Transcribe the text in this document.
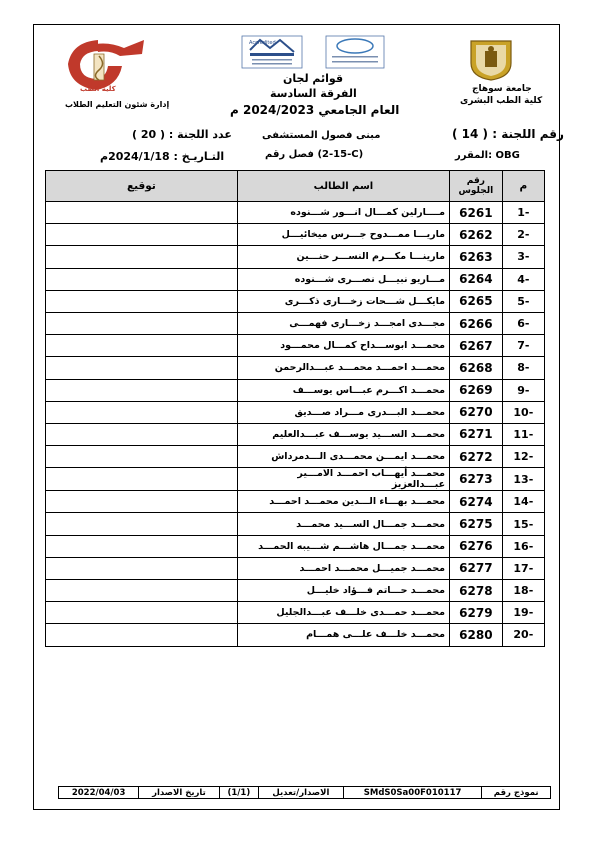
جامعة سوهاج
كلية الطب البشرى
Accredited
قوائم لجان
الفرقة السادسة
العام الجامعي 2024/2023 م
كلية الطب
إدارة شئون التعليم الطلاب
رقم اللجنة : ( 14 )
المقرر: OBG
مبنى فصول المستشفى
فصل رقم (15-2-C)
عدد اللجنة : ( 20 )
التـاريـخ : 2024/1/18م
م	رقم الجلوس	اسم الطالب	توقيع
-1	6261	مــــارلين كمـــال انـــور شـــنوده	
-2	6262	ماريـــا ممـــدوح جـــرس ميخائيـــل	
-3	6263	مارينـــا مكـــرم النســـر حنـــين	
-4	6264	مـــاريو نبيـــل نصـــرى شـــنوده	
-5	6265	مايكـــل شـــحات زخـــارى ذكـــرى	
-6	6266	مجـــدى امجـــد زخـــارى فهمـــى	
-7	6267	محمـــد ابوســـداح كمـــال محمـــود	
-8	6268	محمـــد احمـــد محمـــد عبـــدالرحمن	
-9	6269	محمـــد اكـــرم عبـــاس يوســـف	
-10	6270	محمـــد البـــدرى مـــراد صـــديق	
-11	6271	محمـــد الســـيد يوســـف عبـــدالعليم	
-12	6272	محمـــد ايمـــن محمـــدى الـــدمرداش	
-13	6273	محمـــد أيهـــاب احمـــد الامـــير عبـــدالعزيز	
-14	6274	محمـــد بهـــاء الـــدين محمـــد احمـــد	
-15	6275	محمـــد جمـــال الســـيد محمـــد	
-16	6276	محمـــد جمـــال هاشـــم شـــيبه الحمـــد	
-17	6277	محمـــد جميـــل محمـــد احمـــد	
-18	6278	محمـــد حـــاتم فـــؤاد خليـــل	
-19	6279	محمـــد حمـــدى خلـــف عبـــدالجليل	
-20	6280	محمـــد خلـــف علـــى همـــام	
نموذج رقم	SMdS0Sa00F010117	الاصدار/تعديل	(1/1)	تاريخ الاصدار	2022/04/03
